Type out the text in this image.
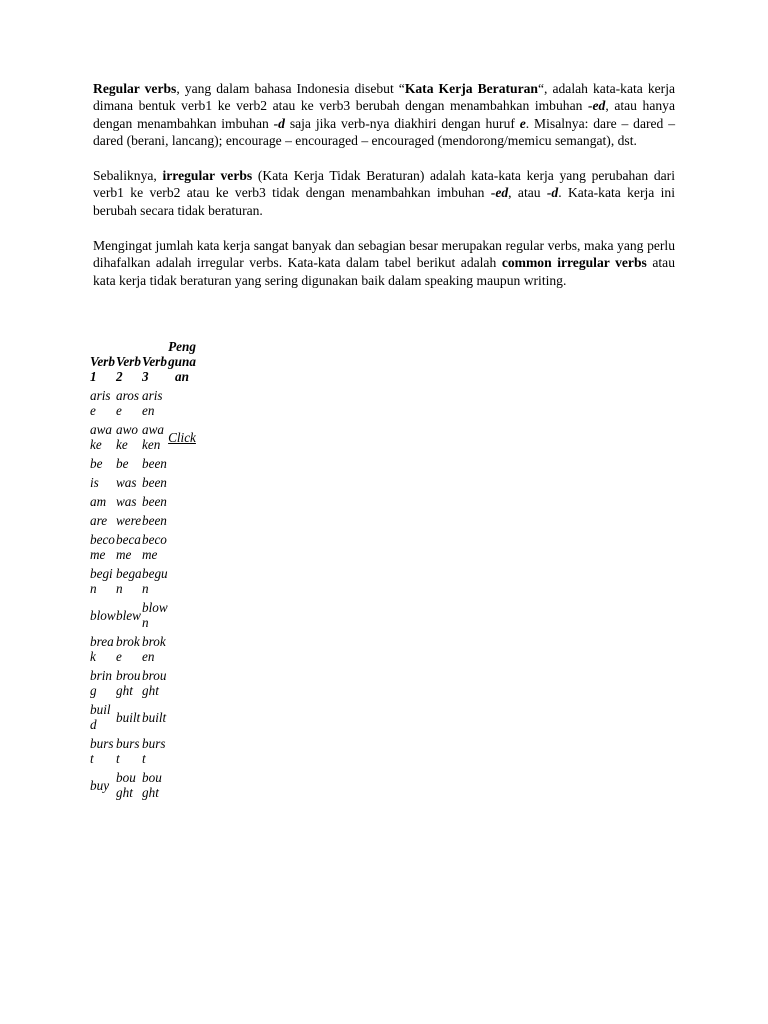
Regular verbs, yang dalam bahasa Indonesia disebut “Kata Kerja Beraturan“, adalah kata-kata kerja dimana bentuk verb1 ke verb2 atau ke verb3 berubah dengan menambahkan imbuhan -ed, atau hanya dengan menambahkan imbuhan -d saja jika verb-nya diakhiri dengan huruf e. Misalnya: dare – dared – dared (berani, lancang); encourage – encouraged – encouraged (mendorong/memicu semangat), dst.

Sebaliknya, irregular verbs (Kata Kerja Tidak Beraturan) adalah kata-kata kerja yang perubahan dari verb1 ke verb2 atau ke verb3 tidak dengan menambahkan imbuhan -ed, atau -d. Kata-kata kerja ini berubah secara tidak beraturan.

Mengingat jumlah kata kerja sangat banyak dan sebagian besar merupakan regular verbs, maka yang perlu dihafalkan adalah irregular verbs. Kata-kata dalam tabel berikut adalah common irregular verbs atau kata kerja tidak beraturan yang sering digunakan baik dalam speaking maupun writing.

Verb1	Verb2	Verb3	Penggunaan
arise	arose	arisen	
awake	awoke	awaken	Click
be	be	been	
is	was	been	
am	was	been	
are	were	been	
become	became	become	
begin	began	begun	
blow	blew	blown	
break	broke	broken	
bring	brought	brought	
build	built	built	
burst	burst	burst	
buy	bought	bought	
